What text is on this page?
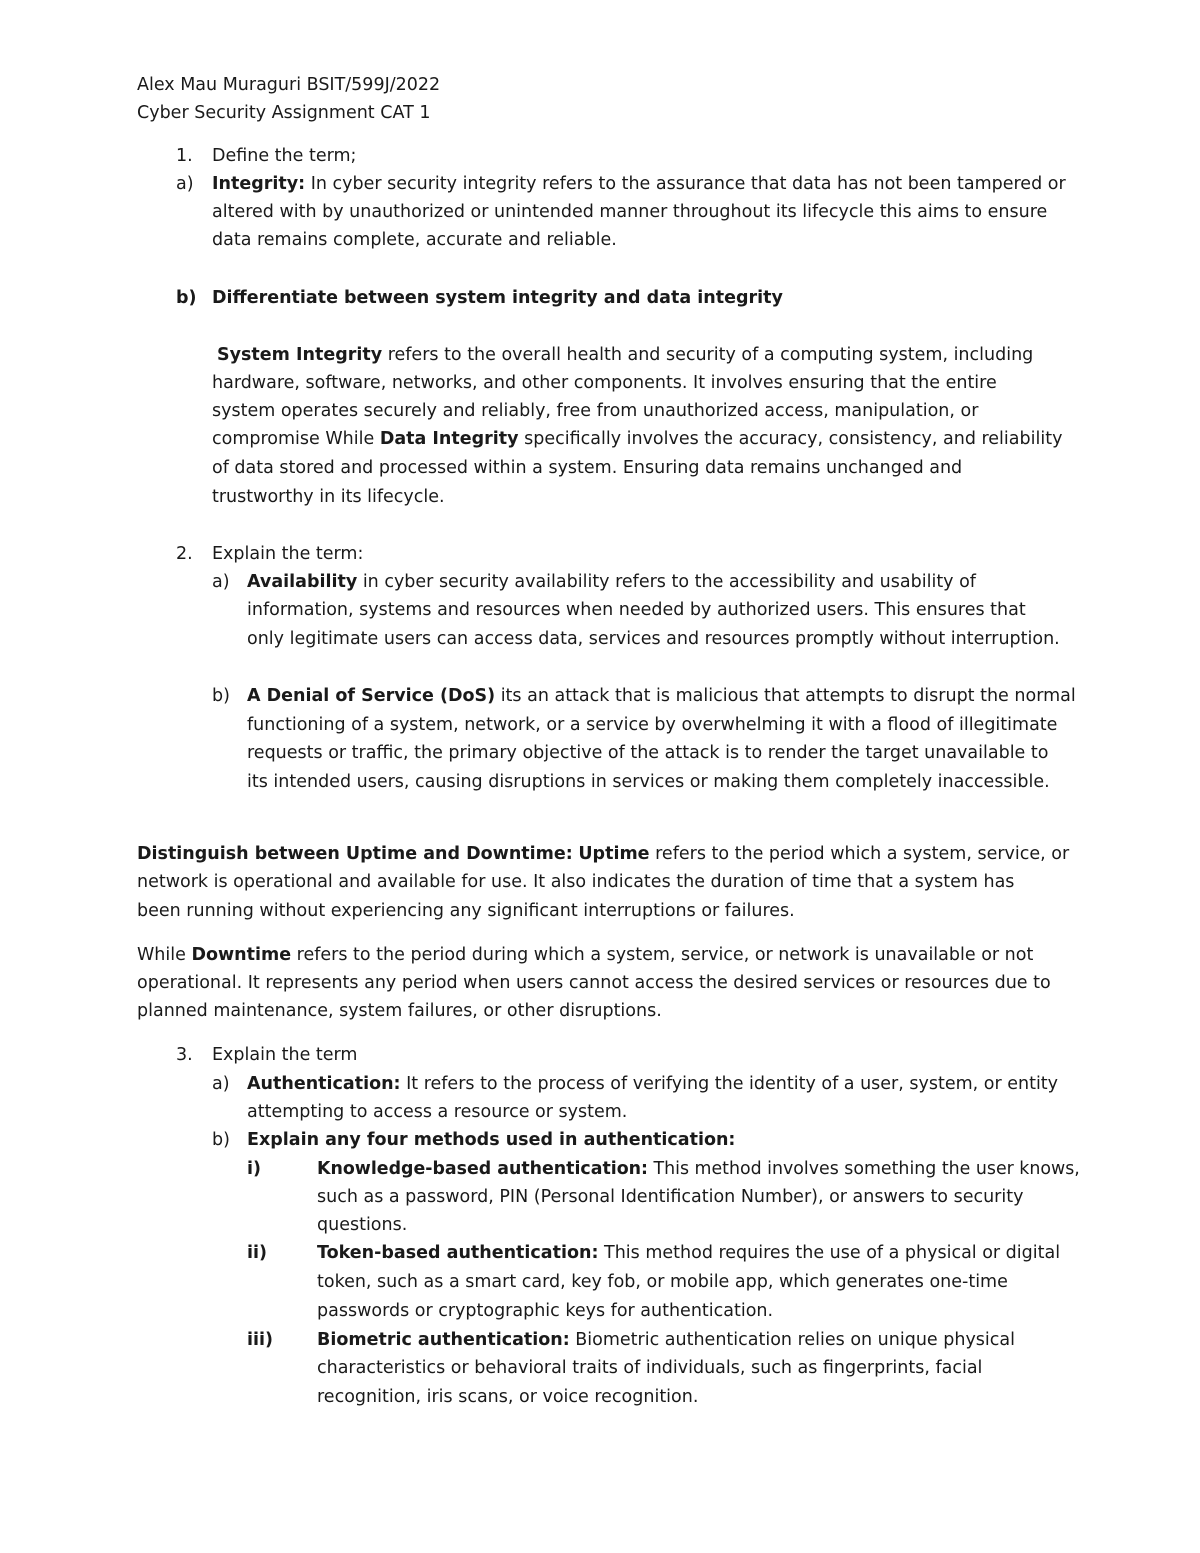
Alex Mau Muraguri BSIT/599J/2022
Cyber Security Assignment CAT 1
1. Define the term;
a) Integrity: In cyber security integrity refers to the assurance that data has not been tampered or
altered with by unauthorized or unintended manner throughout its lifecycle this aims to ensure
data remains complete, accurate and reliable.
b) Differentiate between system integrity and data integrity
System Integrity refers to the overall health and security of a computing system, including
hardware, software, networks, and other components. It involves ensuring that the entire
system operates securely and reliably, free from unauthorized access, manipulation, or
compromise While Data Integrity specifically involves the accuracy, consistency, and reliability
of data stored and processed within a system. Ensuring data remains unchanged and
trustworthy in its lifecycle.
2. Explain the term:
a) Availability in cyber security availability refers to the accessibility and usability of
information, systems and resources when needed by authorized users. This ensures that
only legitimate users can access data, services and resources promptly without interruption.
b) A Denial of Service (DoS) its an attack that is malicious that attempts to disrupt the normal
functioning of a system, network, or a service by overwhelming it with a flood of illegitimate
requests or traffic, the primary objective of the attack is to render the target unavailable to
its intended users, causing disruptions in services or making them completely inaccessible.
Distinguish between Uptime and Downtime: Uptime refers to the period which a system, service, or
network is operational and available for use. It also indicates the duration of time that a system has
been running without experiencing any significant interruptions or failures.
While Downtime refers to the period during which a system, service, or network is unavailable or not
operational. It represents any period when users cannot access the desired services or resources due to
planned maintenance, system failures, or other disruptions.
3. Explain the term
a) Authentication: It refers to the process of verifying the identity of a user, system, or entity
attempting to access a resource or system.
b) Explain any four methods used in authentication:
i)	Knowledge-based authentication: This method involves something the user knows,
such as a password, PIN (Personal Identification Number), or answers to security
questions.
ii)	Token-based authentication: This method requires the use of a physical or digital
token, such as a smart card, key fob, or mobile app, which generates one-time
passwords or cryptographic keys for authentication.
iii)	Biometric authentication: Biometric authentication relies on unique physical
characteristics or behavioral traits of individuals, such as fingerprints, facial
recognition, iris scans, or voice recognition.
